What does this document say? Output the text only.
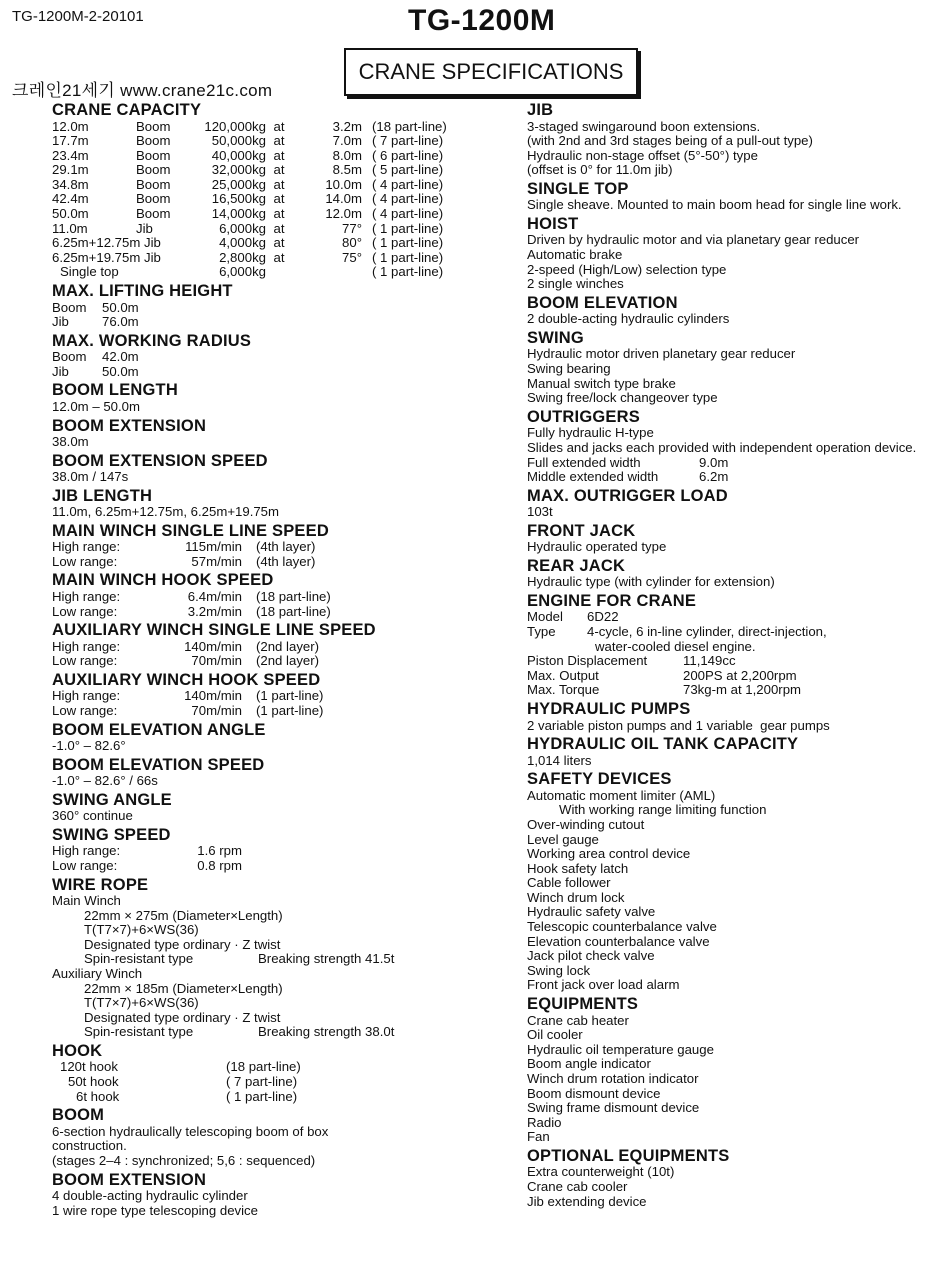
TG-1200M-2-20101	TG-1200M
CRANE SPECIFICATIONS
크레인21세기 www.crane21c.com
CRANE CAPACITY
12.0m	Boom	120,000kg	at	3.2m	(18 part-line)
17.7m	Boom	50,000kg	at	7.0m	( 7 part-line)
23.4m	Boom	40,000kg	at	8.0m	( 6 part-line)
29.1m	Boom	32,000kg	at	8.5m	( 5 part-line)
34.8m	Boom	25,000kg	at	10.0m	( 4 part-line)
42.4m	Boom	16,500kg	at	14.0m	( 4 part-line)
50.0m	Boom	14,000kg	at	12.0m	( 4 part-line)
11.0m	Jib	6,000kg	at	77°	( 1 part-line)
6.25m+12.75m Jib		4,000kg	at	80°	( 1 part-line)
6.25m+19.75m Jib		2,800kg	at	75°	( 1 part-line)
Single top		6,000kg			( 1 part-line)
MAX. LIFTING HEIGHT
Boom	50.0m
Jib	76.0m
MAX. WORKING RADIUS
Boom	42.0m
Jib	50.0m
BOOM LENGTH
12.0m – 50.0m
BOOM EXTENSION
38.0m
BOOM EXTENSION SPEED
38.0m / 147s
JIB LENGTH
11.0m, 6.25m+12.75m, 6.25m+19.75m
MAIN WINCH SINGLE LINE SPEED
High range:	115m/min	(4th layer)
Low range:	57m/min	(4th layer)
MAIN WINCH HOOK SPEED
High range:	6.4m/min	(18 part-line)
Low range:	3.2m/min	(18 part-line)
AUXILIARY WINCH SINGLE LINE SPEED
High range:	140m/min	(2nd layer)
Low range:	70m/min	(2nd layer)
AUXILIARY WINCH HOOK SPEED
High range:	140m/min	(1 part-line)
Low range:	70m/min	(1 part-line)
BOOM ELEVATION ANGLE
-1.0° – 82.6°
BOOM ELEVATION SPEED
-1.0° – 82.6° / 66s
SWING ANGLE
360° continue
SWING SPEED
High range:	1.6 rpm
Low range:	0.8 rpm
WIRE ROPE
Main Winch
22mm × 275m (Diameter×Length)
T(T7×7)+6×WS(36)
Designated type ordinary · Z twist
Spin-resistant type	Breaking strength 41.5t
Auxiliary Winch
22mm × 185m (Diameter×Length)
T(T7×7)+6×WS(36)
Designated type ordinary · Z twist
Spin-resistant type	Breaking strength 38.0t
HOOK
120t hook	(18 part-line)
50t hook	( 7 part-line)
6t hook	( 1 part-line)
BOOM
6-section hydraulically telescoping boom of box construction.
(stages 2–4 : synchronized; 5,6 : sequenced)
BOOM EXTENSION
4 double-acting hydraulic cylinder
1 wire rope type telescoping device
JIB
3-staged swingaround boon extensions.
(with 2nd and 3rd stages being of a pull-out type)
Hydraulic non-stage offset (5°-50°) type
(offset is 0° for 11.0m jib)
SINGLE TOP
Single sheave. Mounted to main boom head for single line work.
HOIST
Driven by hydraulic motor and via planetary gear reducer
Automatic brake
2-speed (High/Low) selection type
2 single winches
BOOM ELEVATION
2 double-acting hydraulic cylinders
SWING
Hydraulic motor driven planetary gear reducer
Swing bearing
Manual switch type brake
Swing free/lock changeover type
OUTRIGGERS
Fully hydraulic H-type
Slides and jacks each provided with independent operation device.
Full extended width	9.0m
Middle extended width	6.2m
MAX. OUTRIGGER LOAD
103t
FRONT JACK
Hydraulic operated type
REAR JACK
Hydraulic type (with cylinder for extension)
ENGINE FOR CRANE
Model	6D22
Type	4-cycle, 6 in-line cylinder, direct-injection,
	water-cooled diesel engine.
Piston Displacement	11,149cc
Max. Output	200PS at 2,200rpm
Max. Torque	73kg-m at 1,200rpm
HYDRAULIC PUMPS
2 variable piston pumps and 1 variable  gear pumps
HYDRAULIC OIL TANK CAPACITY
1,014 liters
SAFETY DEVICES
Automatic moment limiter (AML)
With working range limiting function
Over-winding cutout
Level gauge
Working area control device
Hook safety latch
Cable follower
Winch drum lock
Hydraulic safety valve
Telescopic counterbalance valve
Elevation counterbalance valve
Jack pilot check valve
Swing lock
Front jack over load alarm
EQUIPMENTS
Crane cab heater
Oil cooler
Hydraulic oil temperature gauge
Boom angle indicator
Winch drum rotation indicator
Boom dismount device
Swing frame dismount device
Radio
Fan
OPTIONAL EQUIPMENTS
Extra counterweight (10t)
Crane cab cooler
Jib extending device
